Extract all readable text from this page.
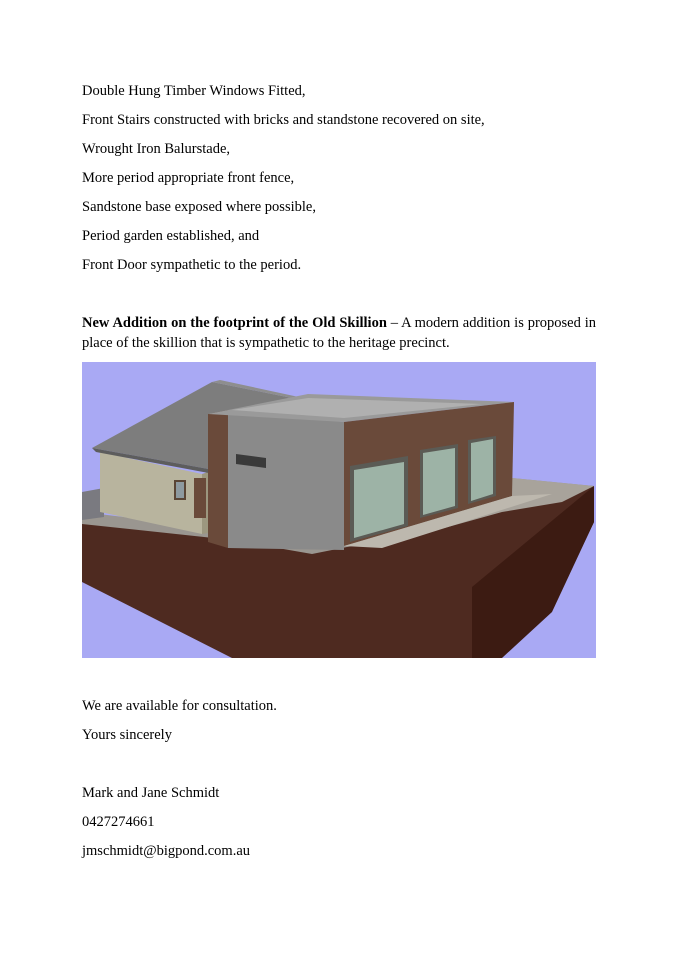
Double Hung Timber Windows Fitted,
Front Stairs constructed with bricks and standstone recovered on site,
Wrought Iron Balurstade,
More period appropriate front fence,
Sandstone base exposed where possible,
Period garden established, and
Front Door sympathetic to the period.
New Addition on the footprint of the Old Skillion – A modern addition is proposed in place of the skillion that is sympathetic to the heritage precinct.
We are available for consultation.
Yours sincerely
Mark and Jane Schmidt
0427274661
jmschmidt@bigpond.com.au
